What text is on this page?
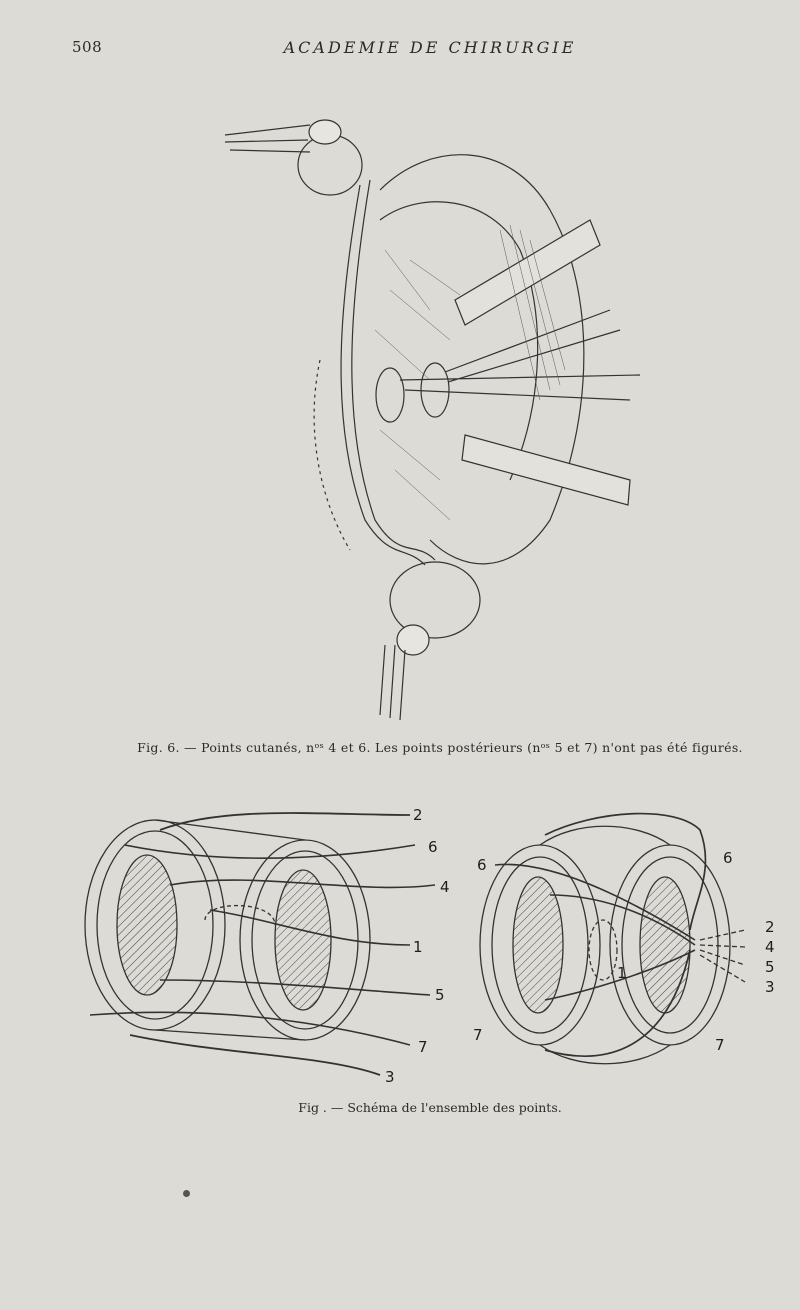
508	ACADEMIE DE CHIRURGIE
Fig. 6. — Points cutanés, nᵒˢ 4 et 6. Les points postérieurs (nᵒˢ 5 et 7) n'ont pas été figurés.
2
6
4
1
5
7
3
6	6
2
4
5
3
1
7
7
Fig . — Schéma de l'ensemble des points.
